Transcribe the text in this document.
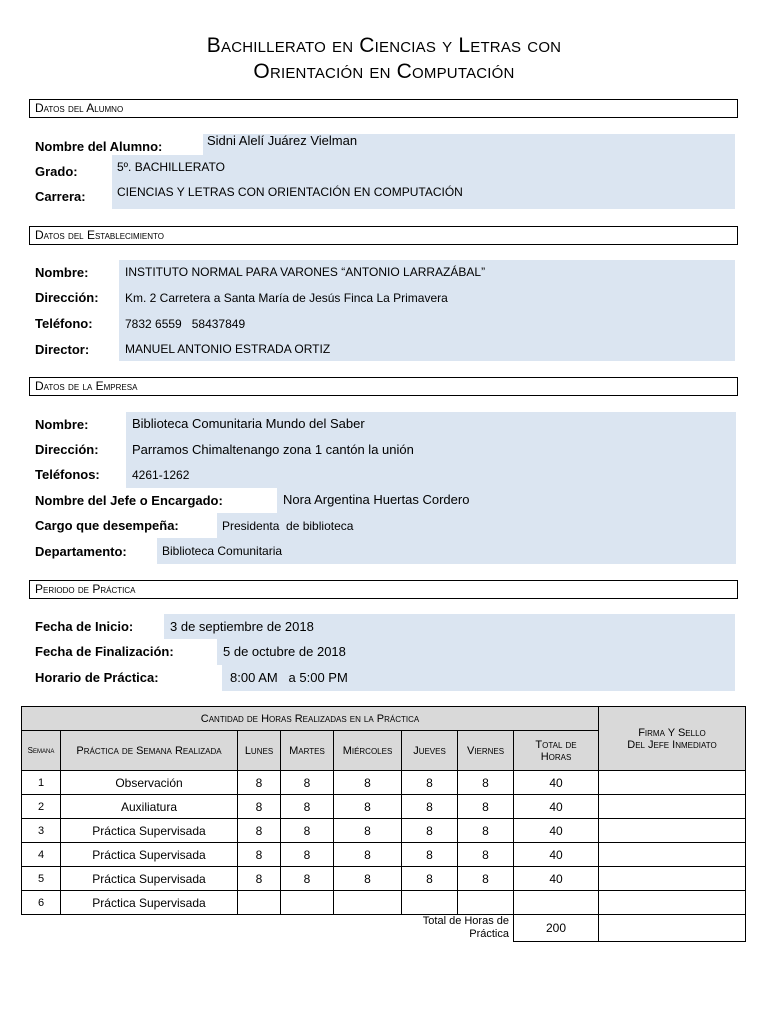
Bachillerato en Ciencias y Letras con
Orientación en Computación
Datos del Alumno
Nombre del Alumno:	Sidni Alelí Juárez Vielman
Grado:	5º. BACHILLERATO
Carrera:	CIENCIAS Y LETRAS CON ORIENTACIÓN EN COMPUTACIÓN
Datos del Establecimiento
Nombre:	INSTITUTO NORMAL PARA VARONES “ANTONIO LARRAZÁBAL”
Dirección: Km. 2 Carretera a Santa María de Jesús Finca La Primavera
Teléfono:	7832 6559   58437849
Director:	MANUEL ANTONIO ESTRADA ORTIZ
Datos de la Empresa
Nombre:	Biblioteca Comunitaria Mundo del Saber
Dirección:	Parramos Chimaltenango zona 1 cantón la unión
Teléfonos:	4261-1262
Nombre del Jefe o Encargado:	Nora Argentina Huertas Cordero
Cargo que desempeña:	Presidenta  de biblioteca
Departamento:	Biblioteca Comunitaria
Periodo de Práctica
Fecha de Inicio:	3 de septiembre de 2018
Fecha de Finalización:	5 de octubre de 2018
Horario de Práctica:	8:00 AM   a 5:00 PM
Cantidad de Horas Realizadas en la Práctica								Firma Y Sello
Del Jefe Inmediato

Semana	Práctica de Semana Realizada	Lunes	Martes	Miércoles	Jueves	Viernes	Total de Horas	
1	Observación	8	8	8	8	8	40	
2	Auxiliatura	8	8	8	8	8	40	
3	Práctica Supervisada	8	8	8	8	8	40	
4	Práctica Supervisada	8	8	8	8	8	40	
5	Práctica Supervisada	8	8	8	8	8	40	
6	Práctica Supervisada							

Total de Horas de Práctica							200	
